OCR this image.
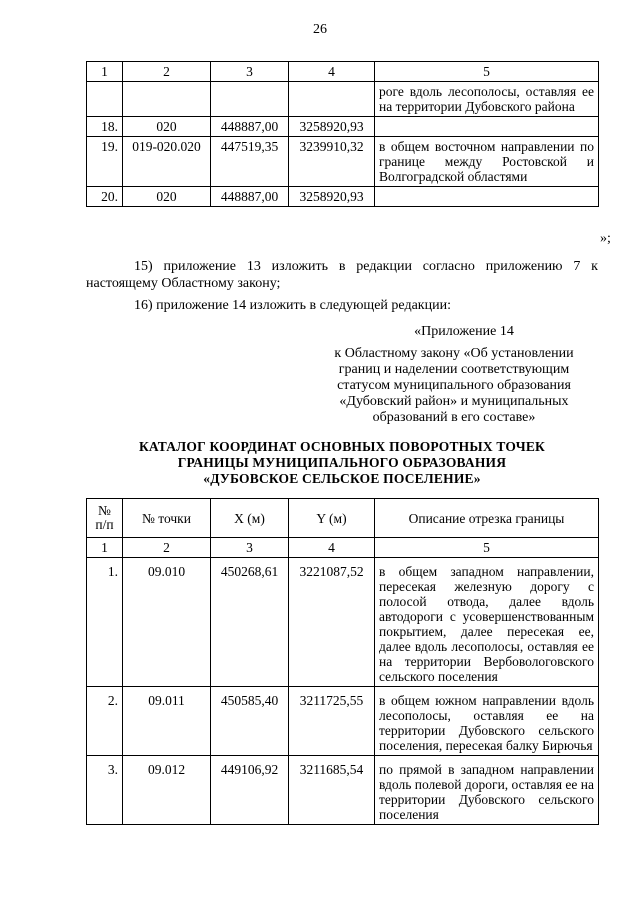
26
1	2	3	4	5
				роге вдоль лесополосы, оставляя ее на территории Дубовского района
18.	020	448887,00	3258920,93	
19.	019-020.020	447519,35	3239910,32	в общем восточном направлении по границе между Ростовской и Волгоградской областями
20.	020	448887,00	3258920,93	
»;
15) приложение 13 изложить в редакции согласно приложению 7 к настоящему Областному закону;
16) приложение 14 изложить в следующей редакции:
«Приложение 14
к Областному закону «Об установлении
границ и наделении соответствующим
статусом муниципального образования
«Дубовский район» и муниципальных
образований в его составе»
КАТАЛОГ КООРДИНАТ ОСНОВНЫХ ПОВОРОТНЫХ ТОЧЕК
ГРАНИЦЫ МУНИЦИПАЛЬНОГО ОБРАЗОВАНИЯ
«ДУБОВСКОЕ СЕЛЬСКОЕ ПОСЕЛЕНИЕ»
№
п/п	№ точки	X (м)	Y (м)	Описание отрезка границы
1	2	3	4	5
1.	09.010	450268,61	3221087,52	в общем западном направлении, пересекая железную дорогу с полосой отвода, далее вдоль автодороги с усовершенствованным покрытием, далее пересекая ее, далее вдоль лесополосы, оставляя ее на территории Вербовологовского сельского поселения
2.	09.011	450585,40	3211725,55	в общем южном направлении вдоль лесополосы, оставляя ее на территории Дубовского сельского поселения, пересекая балку Бирючья
3.	09.012	449106,92	3211685,54	по прямой в западном направлении вдоль полевой дороги, оставляя ее на территории Дубовского сельского поселения
